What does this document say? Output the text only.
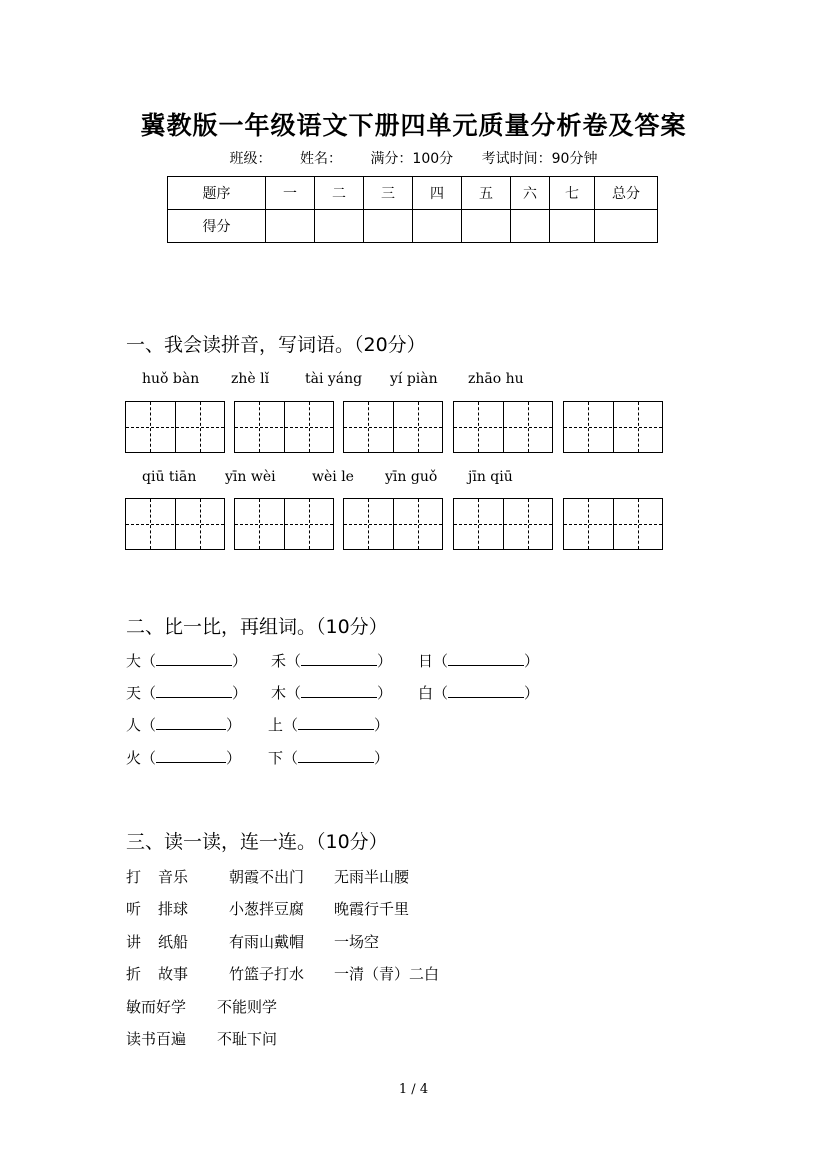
冀教版一年级语文下册四单元质量分析卷及答案
班级： 姓名： 满分：100分 考试时间：90分钟
题序	一	二	三	四	五	六	七	总分
得分								
一、我会读拼音，写词语。（20分）
huǒ bàn zhè lǐ	tài yáng yí piàn zhāo hu
qiū tiān yīn wèi	wèi le yīn guǒ jīn qiū
二、比一比，再组词。（10分）
大（	） 禾（	） 日（	）
天（	） 木（	） 白（	）
人（	） 上（	）
火（	） 下（	）
三、读一读，连一连。（10分）
打 音乐	朝霞不出门 无雨半山腰
听 排球	小葱拌豆腐 晚霞行千里
讲 纸船	有雨山戴帽 一场空
折 故事	竹篮子打水 一清（青）二白
敏而好学 不能则学
读书百遍 不耻下问
1 / 4
